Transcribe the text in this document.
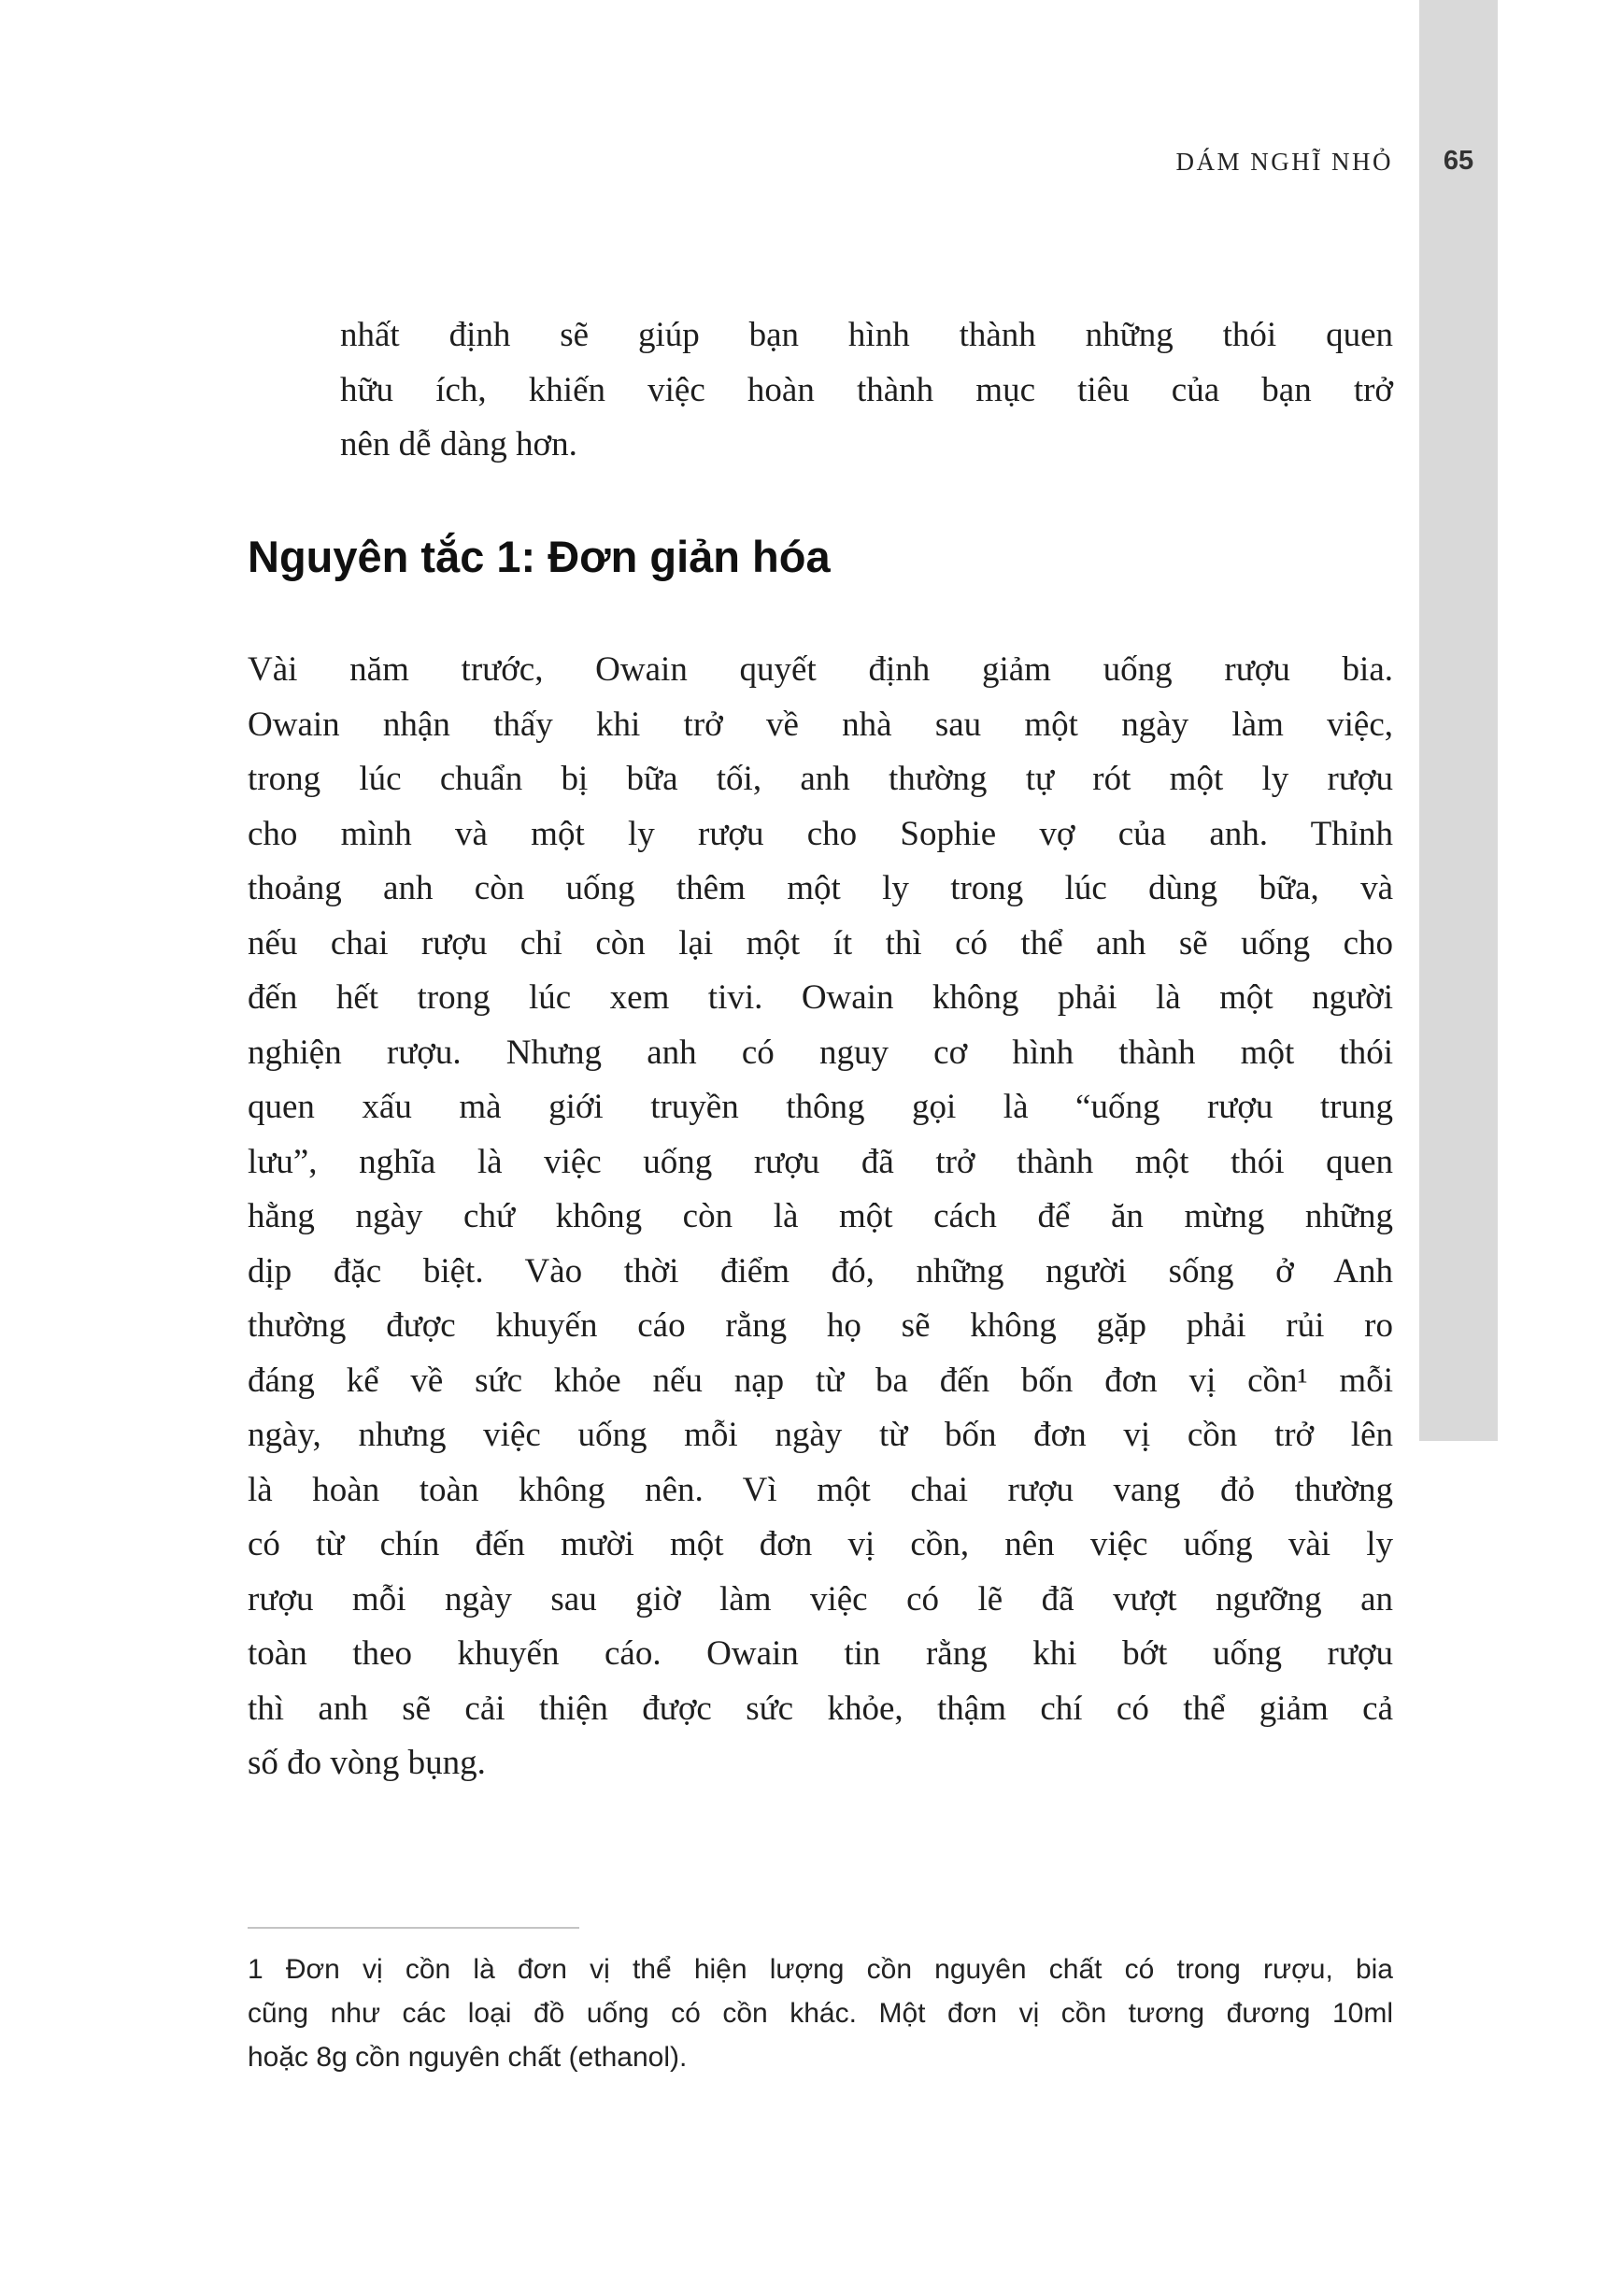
DÁM NGHĨ NHỎ	65
nhất định sẽ giúp bạn hình thành những thói quen
hữu ích, khiến việc hoàn thành mục tiêu của bạn trở
nên dễ dàng hơn.
Nguyên tắc 1: Đơn giản hóa
Vài năm trước, Owain quyết định giảm uống rượu bia.
Owain nhận thấy khi trở về nhà sau một ngày làm việc,
trong lúc chuẩn bị bữa tối, anh thường tự rót một ly rượu
cho mình và một ly rượu cho Sophie vợ của anh. Thỉnh
thoảng anh còn uống thêm một ly trong lúc dùng bữa, và
nếu chai rượu chỉ còn lại một ít thì có thể anh sẽ uống cho
đến hết trong lúc xem tivi. Owain không phải là một người
nghiện rượu. Nhưng anh có nguy cơ hình thành một thói
quen xấu mà giới truyền thông gọi là “uống rượu trung
lưu”, nghĩa là việc uống rượu đã trở thành một thói quen
hằng ngày chứ không còn là một cách để ăn mừng những
dịp đặc biệt. Vào thời điểm đó, những người sống ở Anh
thường được khuyến cáo rằng họ sẽ không gặp phải rủi ro
đáng kể về sức khỏe nếu nạp từ ba đến bốn đơn vị cồn¹ mỗi
ngày, nhưng việc uống mỗi ngày từ bốn đơn vị cồn trở lên
là hoàn toàn không nên. Vì một chai rượu vang đỏ thường
có từ chín đến mười một đơn vị cồn, nên việc uống vài ly
rượu mỗi ngày sau giờ làm việc có lẽ đã vượt ngưỡng an
toàn theo khuyến cáo. Owain tin rằng khi bớt uống rượu
thì anh sẽ cải thiện được sức khỏe, thậm chí có thể giảm cả
số đo vòng bụng.
1 Đơn vị cồn là đơn vị thể hiện lượng cồn nguyên chất có trong rượu, bia
cũng như các loại đồ uống có cồn khác. Một đơn vị cồn tương đương 10ml
hoặc 8g cồn nguyên chất (ethanol).
